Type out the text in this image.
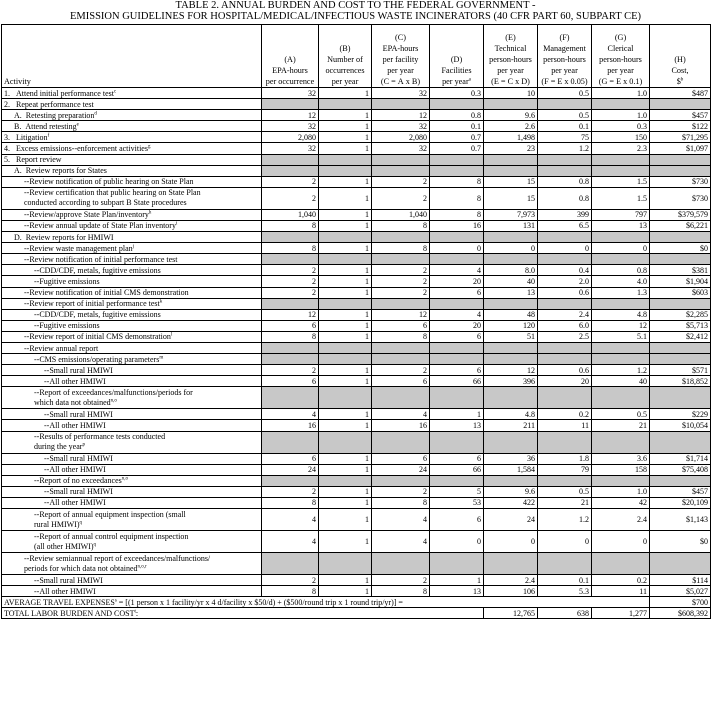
TABLE 2. ANNUAL BURDEN AND COST TO THE FEDERAL GOVERNMENT -
EMISSION GUIDELINES FOR HOSPITAL/MEDICAL/INFECTIOUS WASTE INCINERATORS (40 CFR PART 60, SUBPART CE)
Activity	(A)
EPA-hours
per occurrence	(B)
Number of
occurrences
per year	(C)
EPA-hours
per facility
per year
(C = A x B)	(D)
Facilities
per year$^a$	(E)
Technical
person-hours
per year
(E = C x D)	(F)
Management
person-hours
per year
(F = E x 0.05)	(G)
Clerical
person-hours
per year
(G = E x 0.1)	(H)
Cost,
\$$^b$
1.   Attend initial performance test$^c$	32	1	32	0.3	10	0.5	1.0	$487
2.   Repeat performance test								
A.  Retesting preparation$^d$	12	1	12	0.8	9.6	0.5	1.0	$457
B.  Attend retesting$^e$	32	1	32	0.1	2.6	0.1	0.3	$122
3.   Litigation$^f$	2,080	1	2,080	0.7	1,498	75	150	$71,295
4.   Excess emissions--enforcement activities$^g$	32	1	32	0.7	23	1.2	2.3	$1,097
5.   Report review								
A.  Review reports for States								
--Review notification of public hearing on State Plan	2	1	2	8	15	0.8	1.5	$730
--Review certification that public hearing on State Plan
conducted according to subpart B State procedures	2	1	2	8	15	0.8	1.5	$730
--Review/approve State Plan/inventory$^h$	1,040	1	1,040	8	7,973	399	797	$379,579
--Review annual update of State Plan inventory$^i$	8	1	8	16	131	6.5	13	$6,221
D.  Review reports for HMIWI								
--Review waste management plan$^j$	8	1	8	0	0	0	0	$0
--Review notification of initial performance test								
--CDD/CDF, metals, fugitive emissions	2	1	2	4	8.0	0.4	0.8	$381
--Fugitive emissions	2	1	2	20	40	2.0	4.0	$1,904
--Review notification of initial CMS demonstration	2	1	2	6	13	0.6	1.3	$603
--Review report of initial performance test$^k$								
--CDD/CDF, metals, fugitive emissions	12	1	12	4	48	2.4	4.8	$2,285
--Fugitive emissions	6	1	6	20	120	6.0	12	$5,713
--Review report of initial CMS demonstration$^l$	8	1	8	6	51	2.5	5.1	$2,412
--Review annual report								
--CMS emissions/operating parameters$^m$								
--Small rural HMIWI	2	1	2	6	12	0.6	1.2	$571
--All other HMIWI	6	1	6	66	396	20	40	$18,852
--Report of exceedances/malfunctions/periods for
which data not obtained$^{n,o}$								
--Small rural HMIWI	4	1	4	1	4.8	0.2	0.5	$229
--All other HMIWI	16	1	16	13	211	11	21	$10,054
--Results of performance tests conducted
during the year$^p$								
--Small rural HMIWI	6	1	6	6	36	1.8	3.6	$1,714
--All other HMIWI	24	1	24	66	1,584	79	158	$75,408
--Report of no exceedances$^{n,o}$								
--Small rural HMIWI	2	1	2	5	9.6	0.5	1.0	$457
--All other HMIWI	8	1	8	53	422	21	42	$20,109
--Report of annual equipment inspection (small
rural HMIWI)$^q$	4	1	4	6	24	1.2	2.4	$1,143
--Report of annual control equipment inspection
(all other HMIWI)$^q$	4	1	4	0	0	0	0	$0
--Review semiannual report of exceedances/malfunctions/
periods for which data not obtained$^{n,o,r}$								
--Small rural HMIWI	2	1	2	1	2.4	0.1	0.2	$114
--All other HMIWI	8	1	8	13	106	5.3	11	$5,027
AVERAGE TRAVEL $EXPENSES^s = [(1$ person x 1 facility/yr x 4 d/facility x $50/d) + ($500/round trip x 1 round trip/yr)] =								$700
TOTAL LABOR BURDEN AND COST$^t$:					12,765	638	1,277	$608,392
